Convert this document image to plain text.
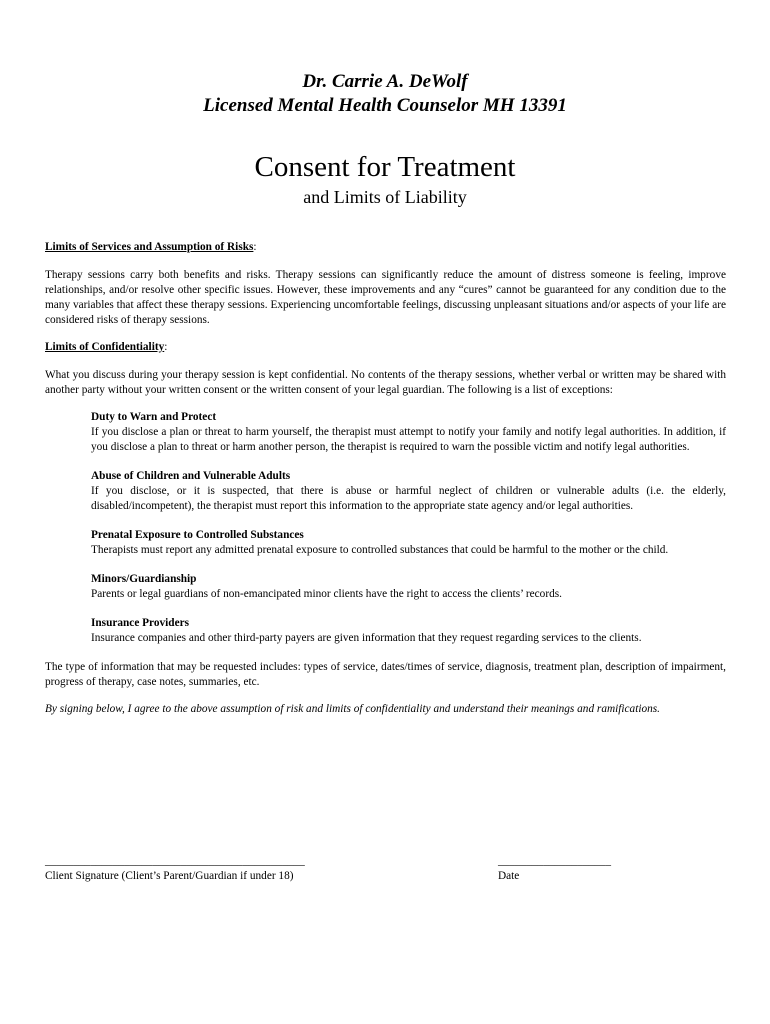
Dr. Carrie A. DeWolf
Licensed Mental Health Counselor MH 13391
Consent for Treatment
and Limits of Liability
Limits of Services and Assumption of Risks:

Therapy sessions carry both benefits and risks. Therapy sessions can significantly reduce the amount of distress someone is feeling, improve relationships, and/or resolve other specific issues. However, these improvements and any “cures” cannot be guaranteed for any condition due to the many variables that affect these therapy sessions. Experiencing uncomfortable feelings, discussing unpleasant situations and/or aspects of your life are considered risks of therapy sessions.

Limits of Confidentiality:

What you discuss during your therapy session is kept confidential. No contents of the therapy sessions, whether verbal or written may be shared with another party without your written consent or the written consent of your legal guardian. The following is a list of exceptions:

Duty to Warn and Protect
If you disclose a plan or threat to harm yourself, the therapist must attempt to notify your family and notify legal authorities. In addition, if you disclose a plan to threat or harm another person, the therapist is required to warn the possible victim and notify legal authorities.
Abuse of Children and Vulnerable Adults
If you disclose, or it is suspected, that there is abuse or harmful neglect of children or vulnerable adults (i.e. the elderly, disabled/incompetent), the therapist must report this information to the appropriate state agency and/or legal authorities.
Prenatal Exposure to Controlled Substances
Therapists must report any admitted prenatal exposure to controlled substances that could be harmful to the mother or the child.
Minors/Guardianship
Parents or legal guardians of non-emancipated minor clients have the right to access the clients’ records.
Insurance Providers
Insurance companies and other third-party payers are given information that they request regarding services to the clients.

The type of information that may be requested includes: types of service, dates/times of service, diagnosis, treatment plan, description of impairment, progress of therapy, case notes, summaries, etc.

By signing below, I agree to the above assumption of risk and limits of confidentiality and understand their meanings and ramifications.

______________________________________________
Client Signature (Client’s Parent/Guardian if under 18)
____________________
Date
